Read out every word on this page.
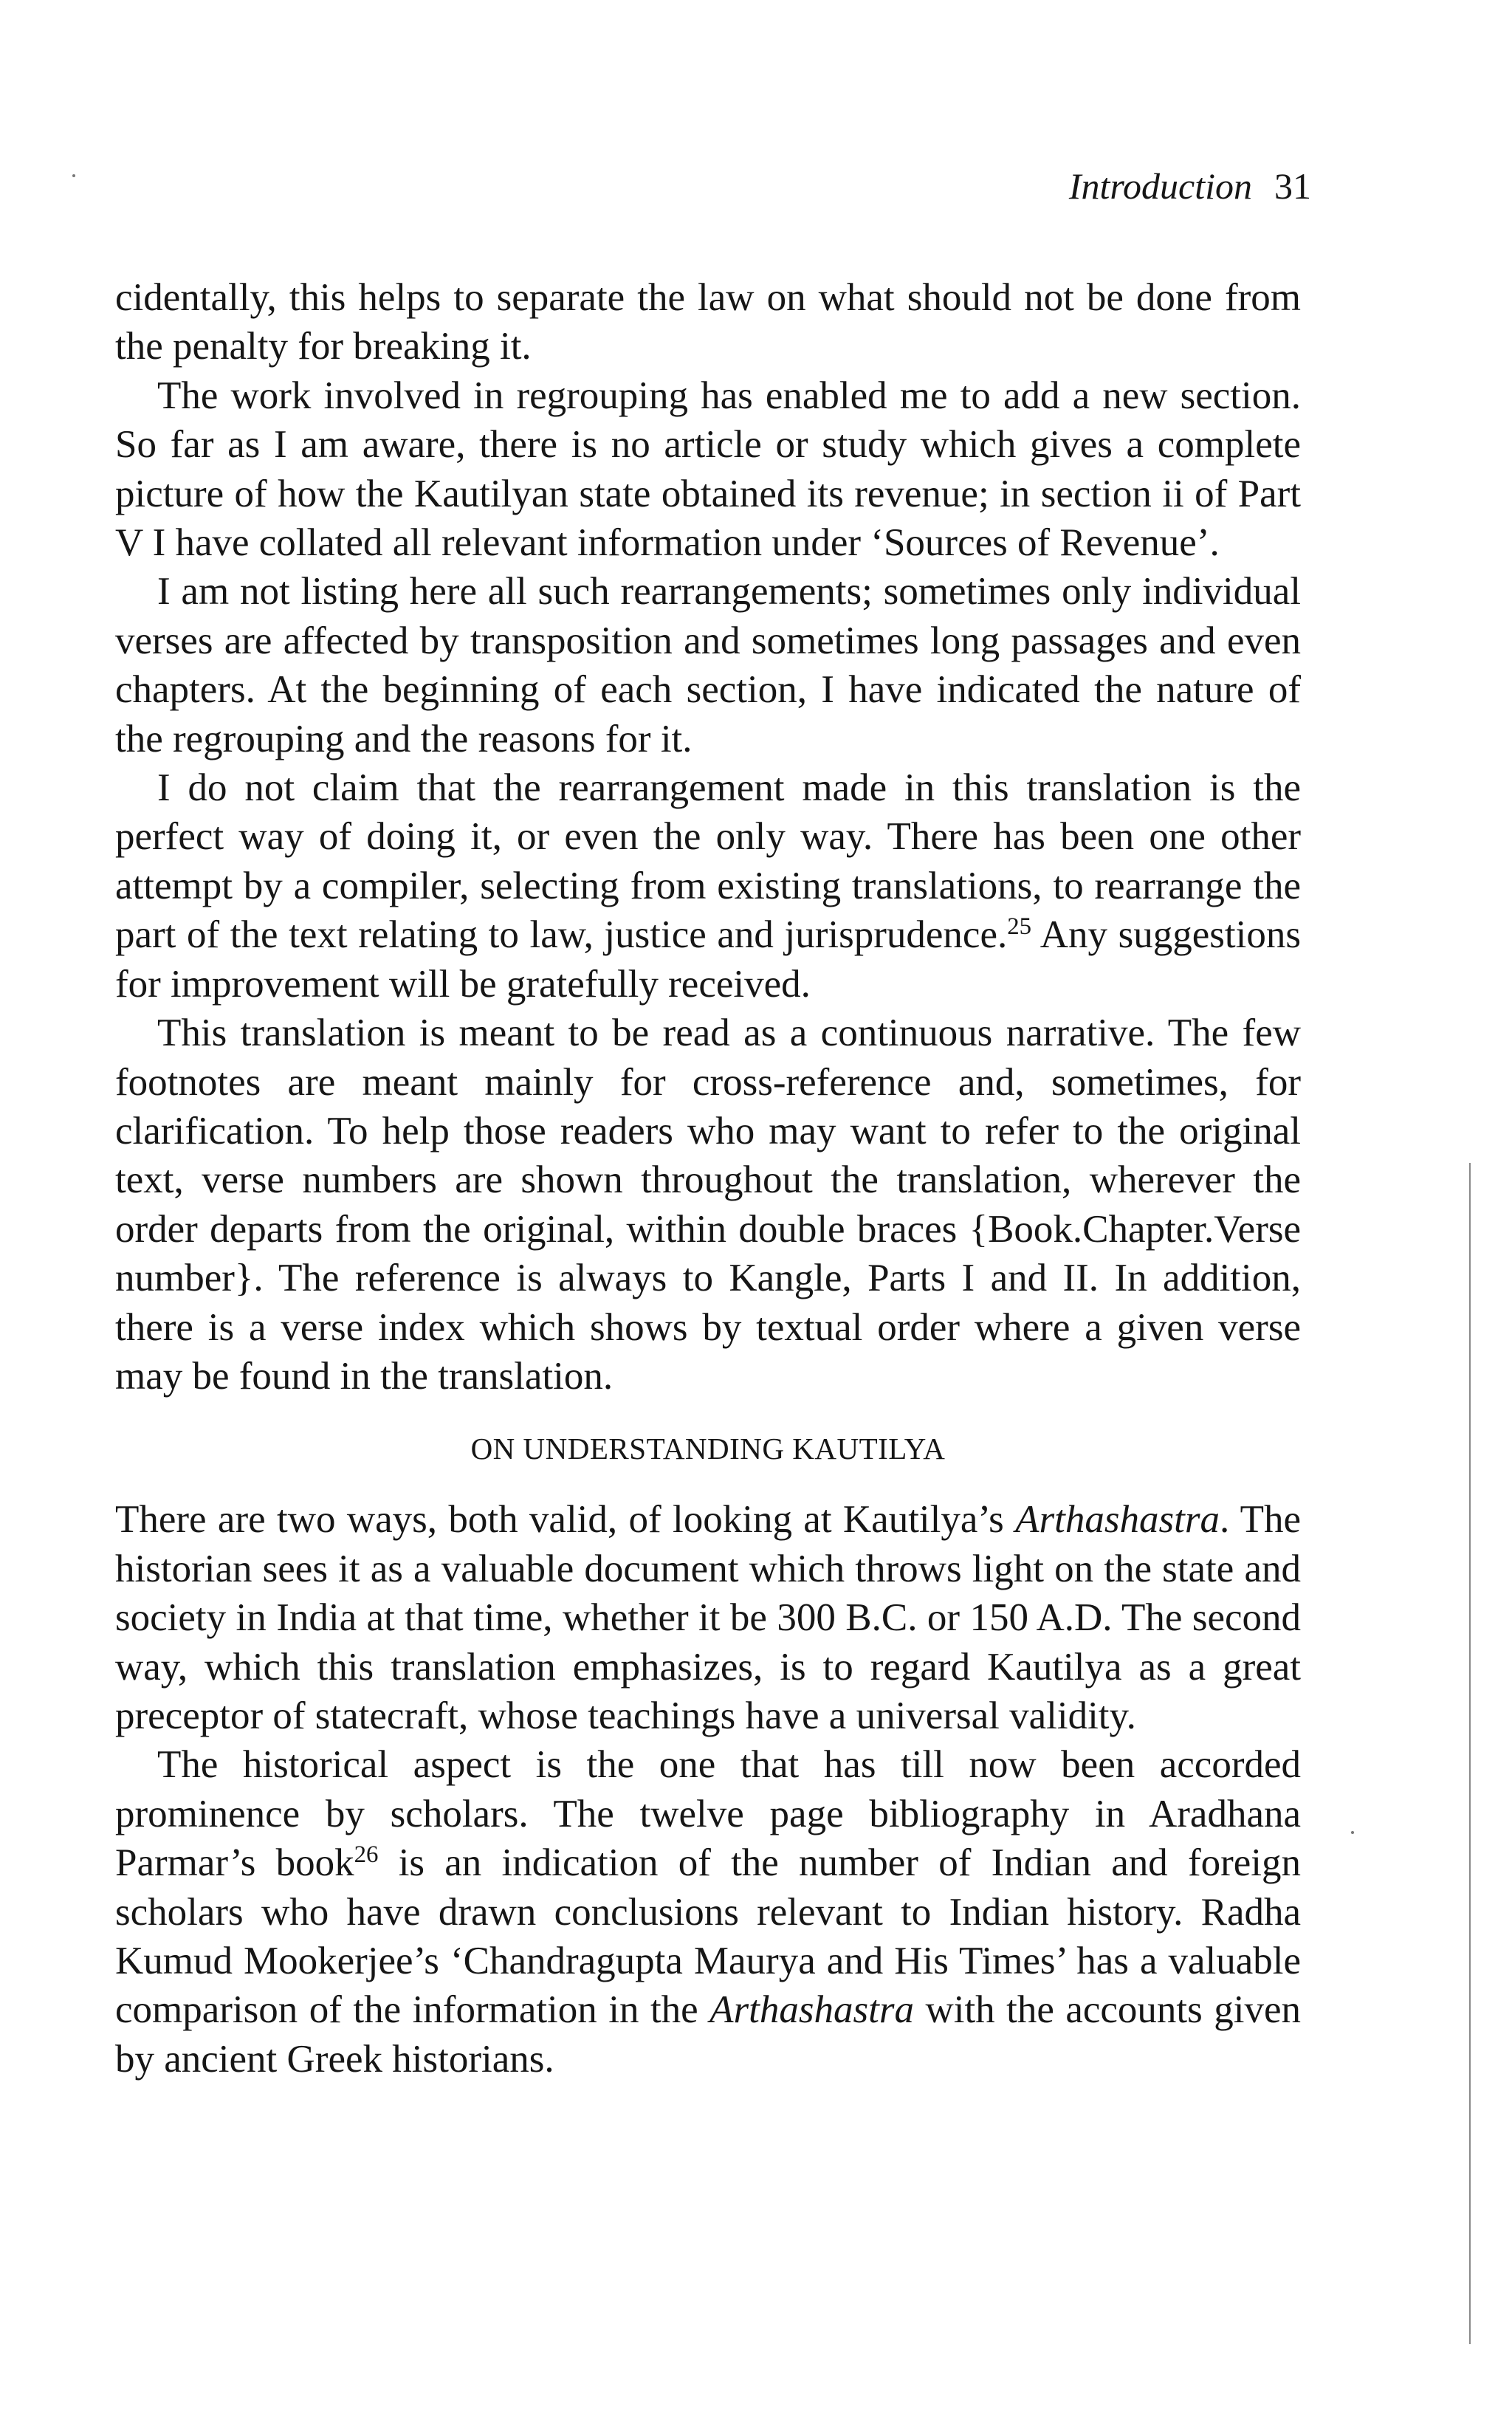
Introduction 31

cidentally, this helps to separate the law on what should not be done from the penalty for breaking it.

The work involved in regrouping has enabled me to add a new section. So far as I am aware, there is no article or study which gives a complete picture of how the Kautilyan state obtained its revenue; in section ii of Part V I have collated all relevant information under ‘Sources of Revenue’.

I am not listing here all such rearrangements; sometimes only individual verses are affected by transposition and sometimes long passages and even chapters. At the beginning of each section, I have indicated the nature of the regrouping and the reasons for it.

I do not claim that the rearrangement made in this translation is the perfect way of doing it, or even the only way. There has been one other attempt by a compiler, selecting from existing translations, to rearrange the part of the text relating to law, justice and jurisprudence.$^{25}$ Any suggestions for improvement will be gratefully received.

This translation is meant to be read as a continuous narrative. The few footnotes are meant mainly for cross-reference and, sometimes, for clarification. To help those readers who may want to refer to the original text, verse numbers are shown throughout the translation, wherever the order departs from the original, within double braces {Book.Chapter.Verse number}. The reference is always to Kangle, Parts I and II. In addition, there is a verse index which shows by textual order where a given verse may be found in the translation.

ON UNDERSTANDING KAUTILYA

There are two ways, both valid, of looking at Kautilya’s Arthashastra. The historian sees it as a valuable document which throws light on the state and society in India at that time, whether it be 300 B.C. or 150 A.D. The second way, which this translation emphasizes, is to regard Kautilya as a great preceptor of statecraft, whose teachings have a universal validity.

The historical aspect is the one that has till now been accorded prominence by scholars. The twelve page bibliography in Aradhana Parmar’s book$^{26}$ is an indication of the number of Indian and foreign scholars who have drawn conclusions relevant to Indian history. Radha Kumud Mookerjee’s ‘Chandragupta Maurya and His Times’ has a valuable comparison of the information in the Arthashastra with the accounts given by ancient Greek historians.
